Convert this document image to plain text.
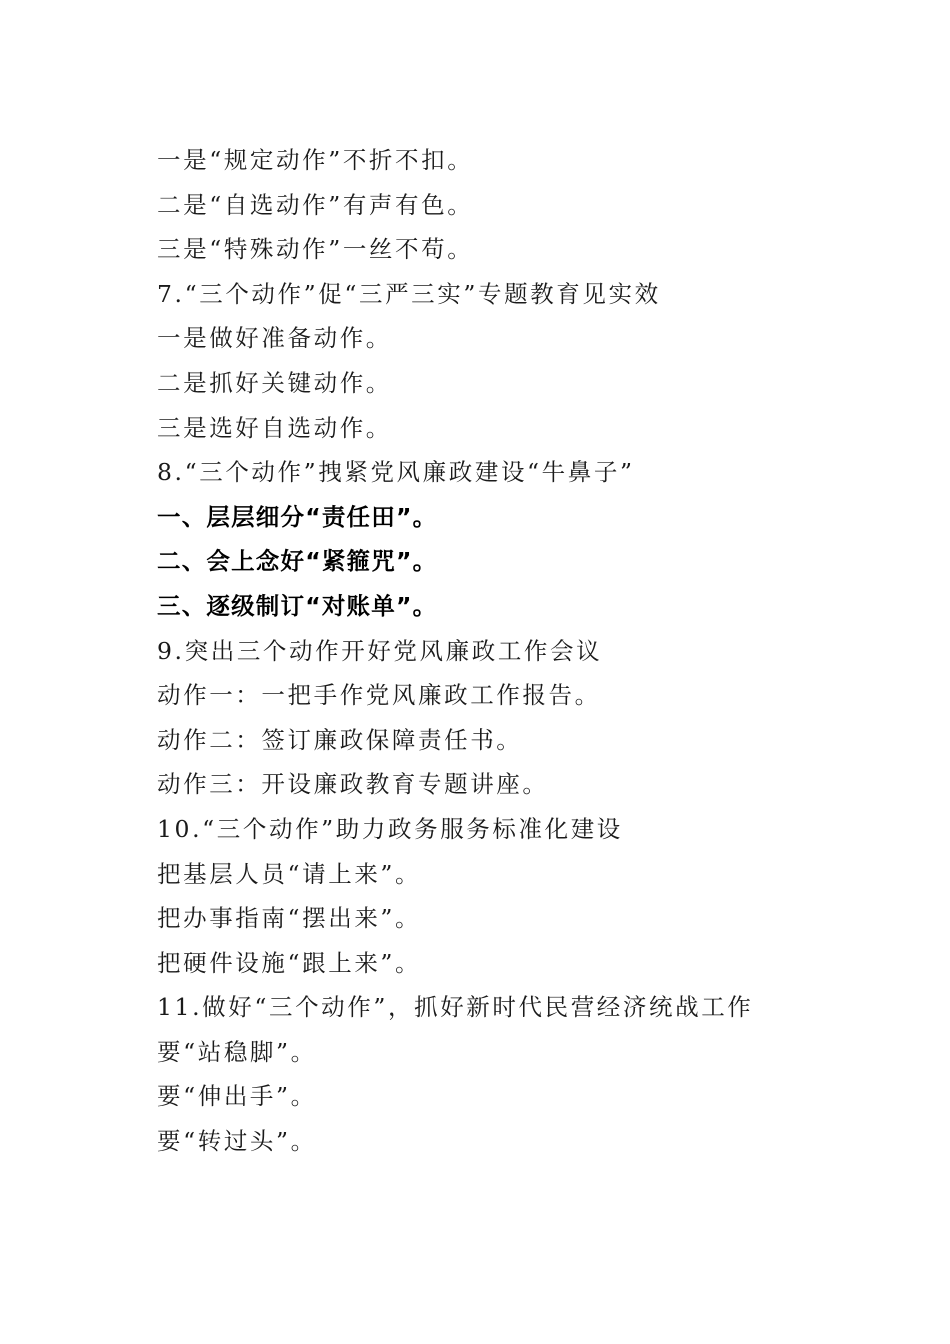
一是“规定动作”不折不扣。
二是“自选动作”有声有色。
三是“特殊动作”一丝不苟。
7.“三个动作”促“三严三实”专题教育见实效
一是做好准备动作。
二是抓好关键动作。
三是选好自选动作。
8.“三个动作”拽紧党风廉政建设“牛鼻子”
一、层层细分“责任田”。
二、会上念好“紧箍咒”。
三、逐级制订“对账单”。
9.突出三个动作开好党风廉政工作会议
动作一：一把手作党风廉政工作报告。
动作二：签订廉政保障责任书。
动作三：开设廉政教育专题讲座。
10.“三个动作”助力政务服务标准化建设
把基层人员“请上来”。
把办事指南“摆出来”。
把硬件设施“跟上来”。
11.做好“三个动作”，抓好新时代民营经济统战工作
要“站稳脚”。
要“伸出手”。
要“转过头”。
